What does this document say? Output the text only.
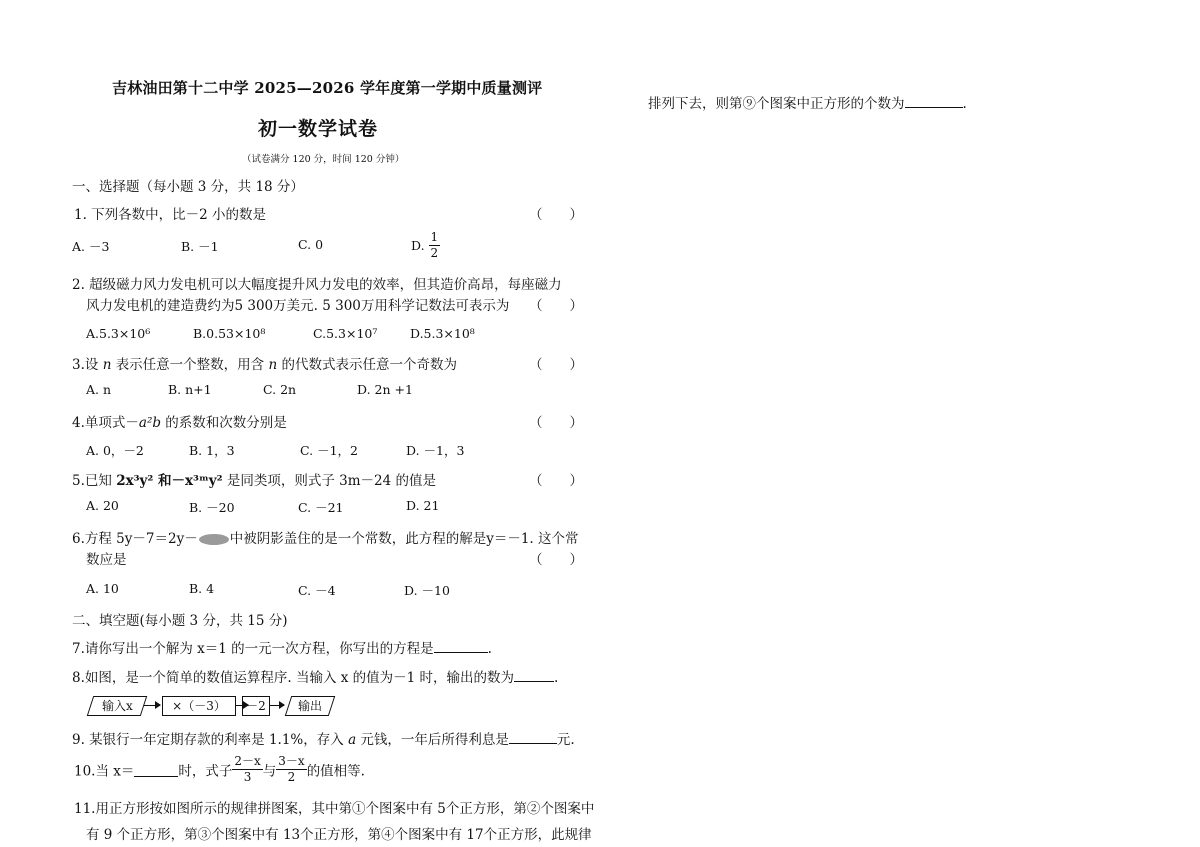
吉林油田第十二中学 2025—2026 学年度第一学期中质量测评
初一数学试卷
（试卷满分 120 分，时间 120 分钟）
排列下去，则第⑨个图案中正方形的个数为	.
一、选择题（每小题 3 分，共 18 分）
1. 下列各数中，比－2 小的数是	（　　）
A. －3	B. －1	C. 0	D. $\frac{1}{2}$
2. 超级磁力风力发电机可以大幅度提升风力发电的效率，但其造价高昂，每座磁力
风力发电机的建造费约为5 300万美元. 5 300万用科学记数法可表示为 （　　）
A.5.3×10⁶	B.0.53×10⁸	C.5.3×10⁷	D.5.3×10⁸
3.设 n 表示任意一个整数，用含 n 的代数式表示任意一个奇数为	（　　）
A. n	B. n+1	C. 2n	D. 2n +1
4.单项式－a²b 的系数和次数分别是	（　　）
A. 0，－2	B. 1，3	C. －1，2	D. －1，3
5.已知 2x³y² 和－x³ᵐy² 是同类项，则式子 3m－24 的值是	（　　）
A. 20	B. －20	C. －21	D. 21
6.方程 5y－7＝2y－ 中被阴影盖住的是一个常数，此方程的解是y＝－1. 这个常
数应是	（　　）
A. 10	B. 4	C. －4	D. －10
二、填空题(每小题 3 分，共 15 分)
7.请你写出一个解为 x＝1 的一元一次方程，你写出的方程是	.
8.如图，是一个简单的数值运算程序. 当输入 x 的值为－1 时，输出的数为	.
输入x	×（－3）	－2	输出
9. 某银行一年定期存款的利率是 1.1%，存入 a 元钱，一年后所得利息是	元.
10.当 x＝	时，式子 $\frac{2-x}{3}$ 与 $\frac{3-x}{2}$ 的值相等.
11.用正方形按如图所示的规律拼图案，其中第①个图案中有 5个正方形，第②个图案中
有 9 个正方形，第③个图案中有 13个正方形，第④个图案中有 17个正方形，此规律
